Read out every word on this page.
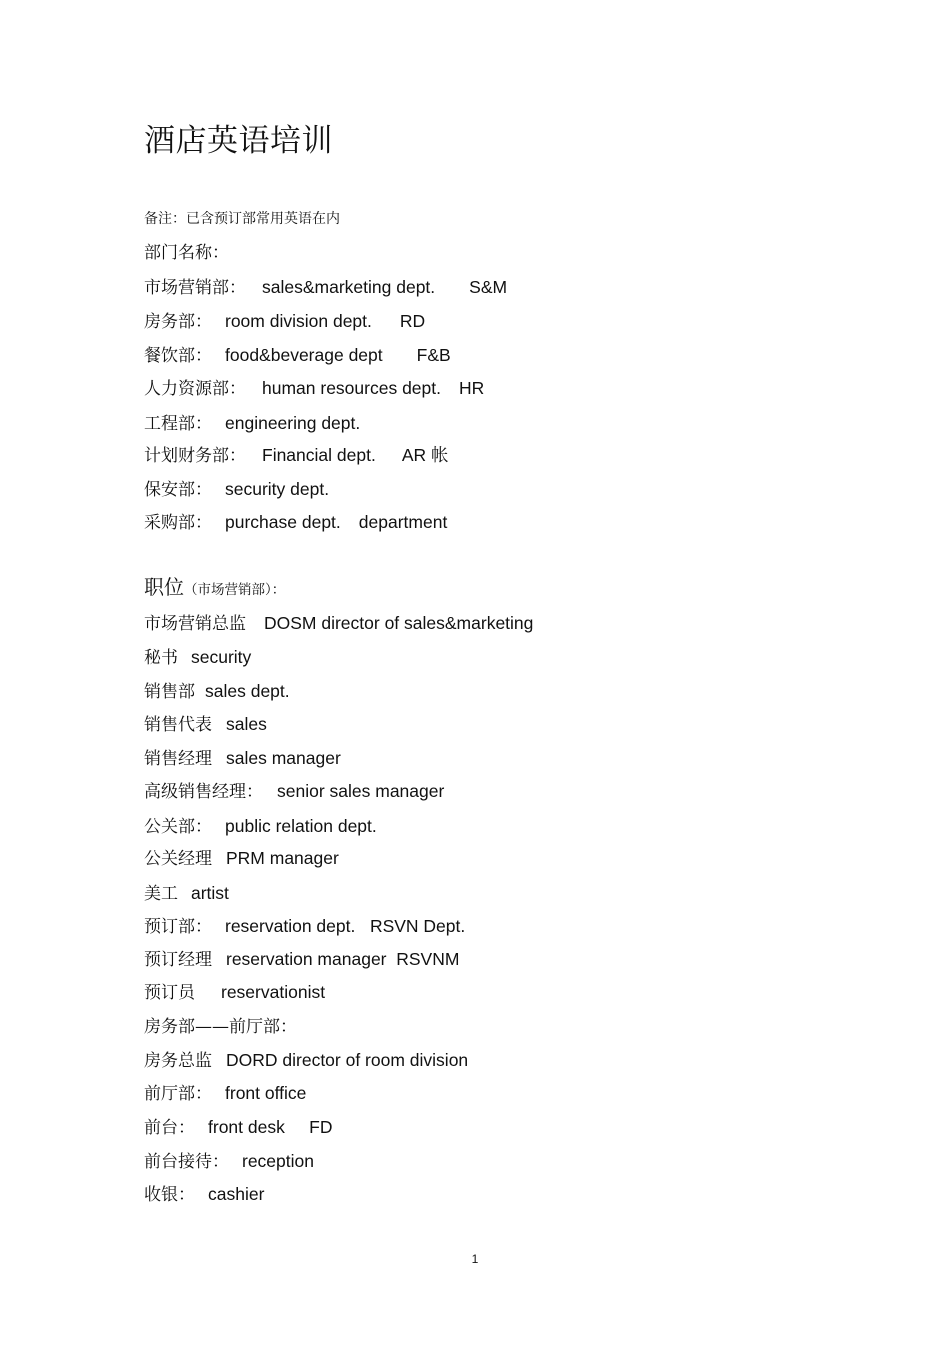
酒店英语培训
备注：已含预订部常用英语在内
部门名称：
市场营销部： sales&marketing dept. S&M
房务部： room division dept. RD
餐饮部： food&beverage dept F&B
人力资源部： human resources dept. HR
工程部： engineering dept.
计划财务部： Financial dept. AR 帐
保安部： security dept.
采购部： purchase dept. department
职位（市场营销部）：
市场营销总监 DOSM director of sales&marketing
秘书 security
销售部 sales dept.
销售代表 sales
销售经理 sales manager
高级销售经理： senior sales manager
公关部： public relation dept.
公关经理 PRM manager
美工 artist
预订部： reservation dept.   RSVN Dept.
预订经理 reservation manager  RSVNM
预订员 reservationist
房务部——前厅部：
房务总监 DORD director of room division
前厅部： front office
前台： front desk     FD
前台接待： reception
收银： cashier
1
